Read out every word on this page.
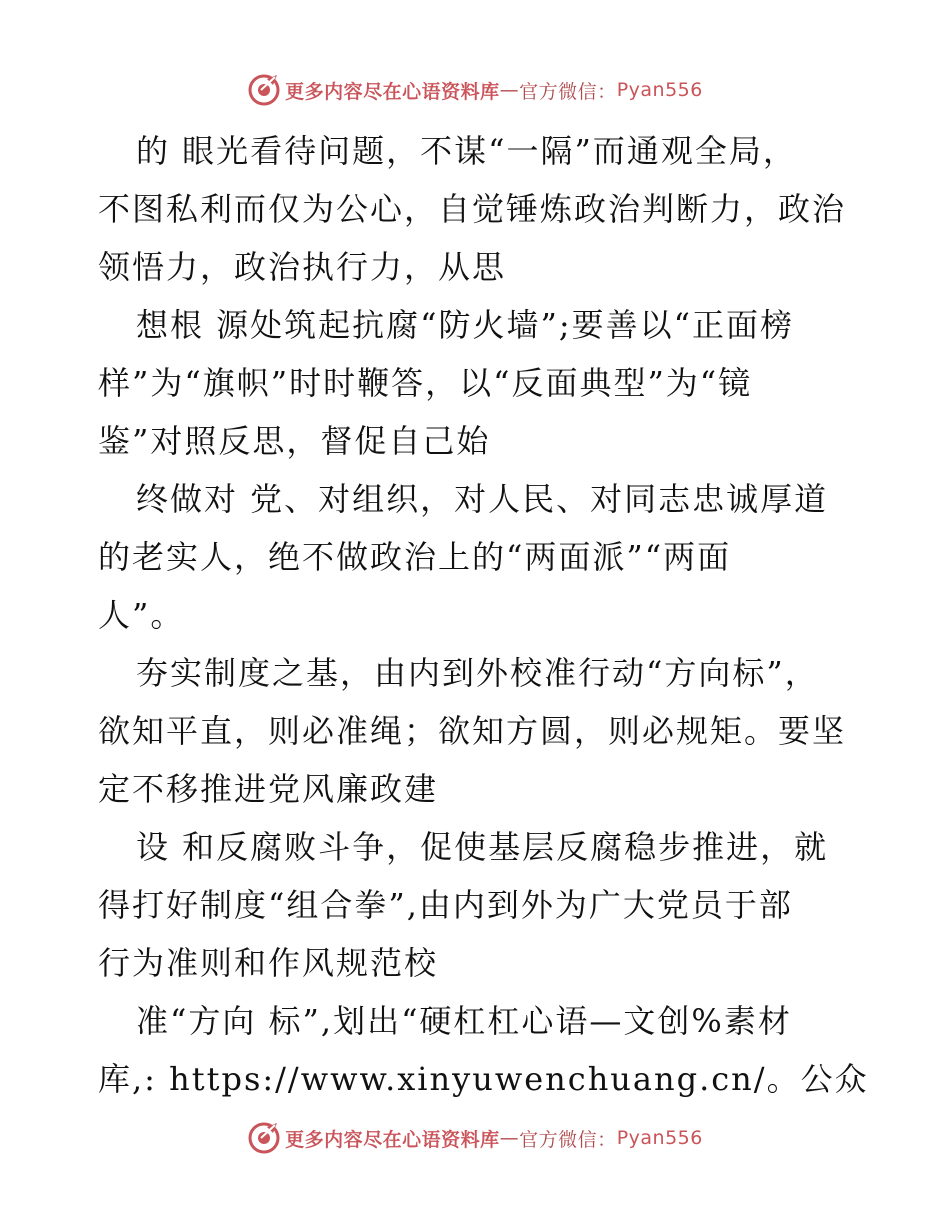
更多内容尽在心语资料库 — 官方微信： Pyan556
的 眼光看待问题，不谋“一隔”而通观全局，
不图私利而仅为公心，自觉锤炼政治判断力，政治
领悟力，政治执行力，从思
想根 源处筑起抗腐“防火墙”;要善以“正面榜
样”为“旗帜”时时鞭答，以“反面典型”为“镜
鉴”对照反思，督促自己始
终做对 党、对组织，对人民、对同志忠诚厚道
的老实人，绝不做政治上的“两面派”“两面
人”。
夯实制度之基，由内到外校准行动“方向标”，
欲知平直，则必准绳；欲知方圆，则必规矩。要坚
定不移推进党风廉政建
设 和反腐败斗争，促使基层反腐稳步推进，就
得打好制度“组合拳”,由内到外为广大党员于部
行为准则和作风规范校
准“方向 标”,划出“硬杠杠心语—文创%素材
库,: https://www.xinyuwenchuang.cn/。公众
更多内容尽在心语资料库 — 官方微信： Pyan556
